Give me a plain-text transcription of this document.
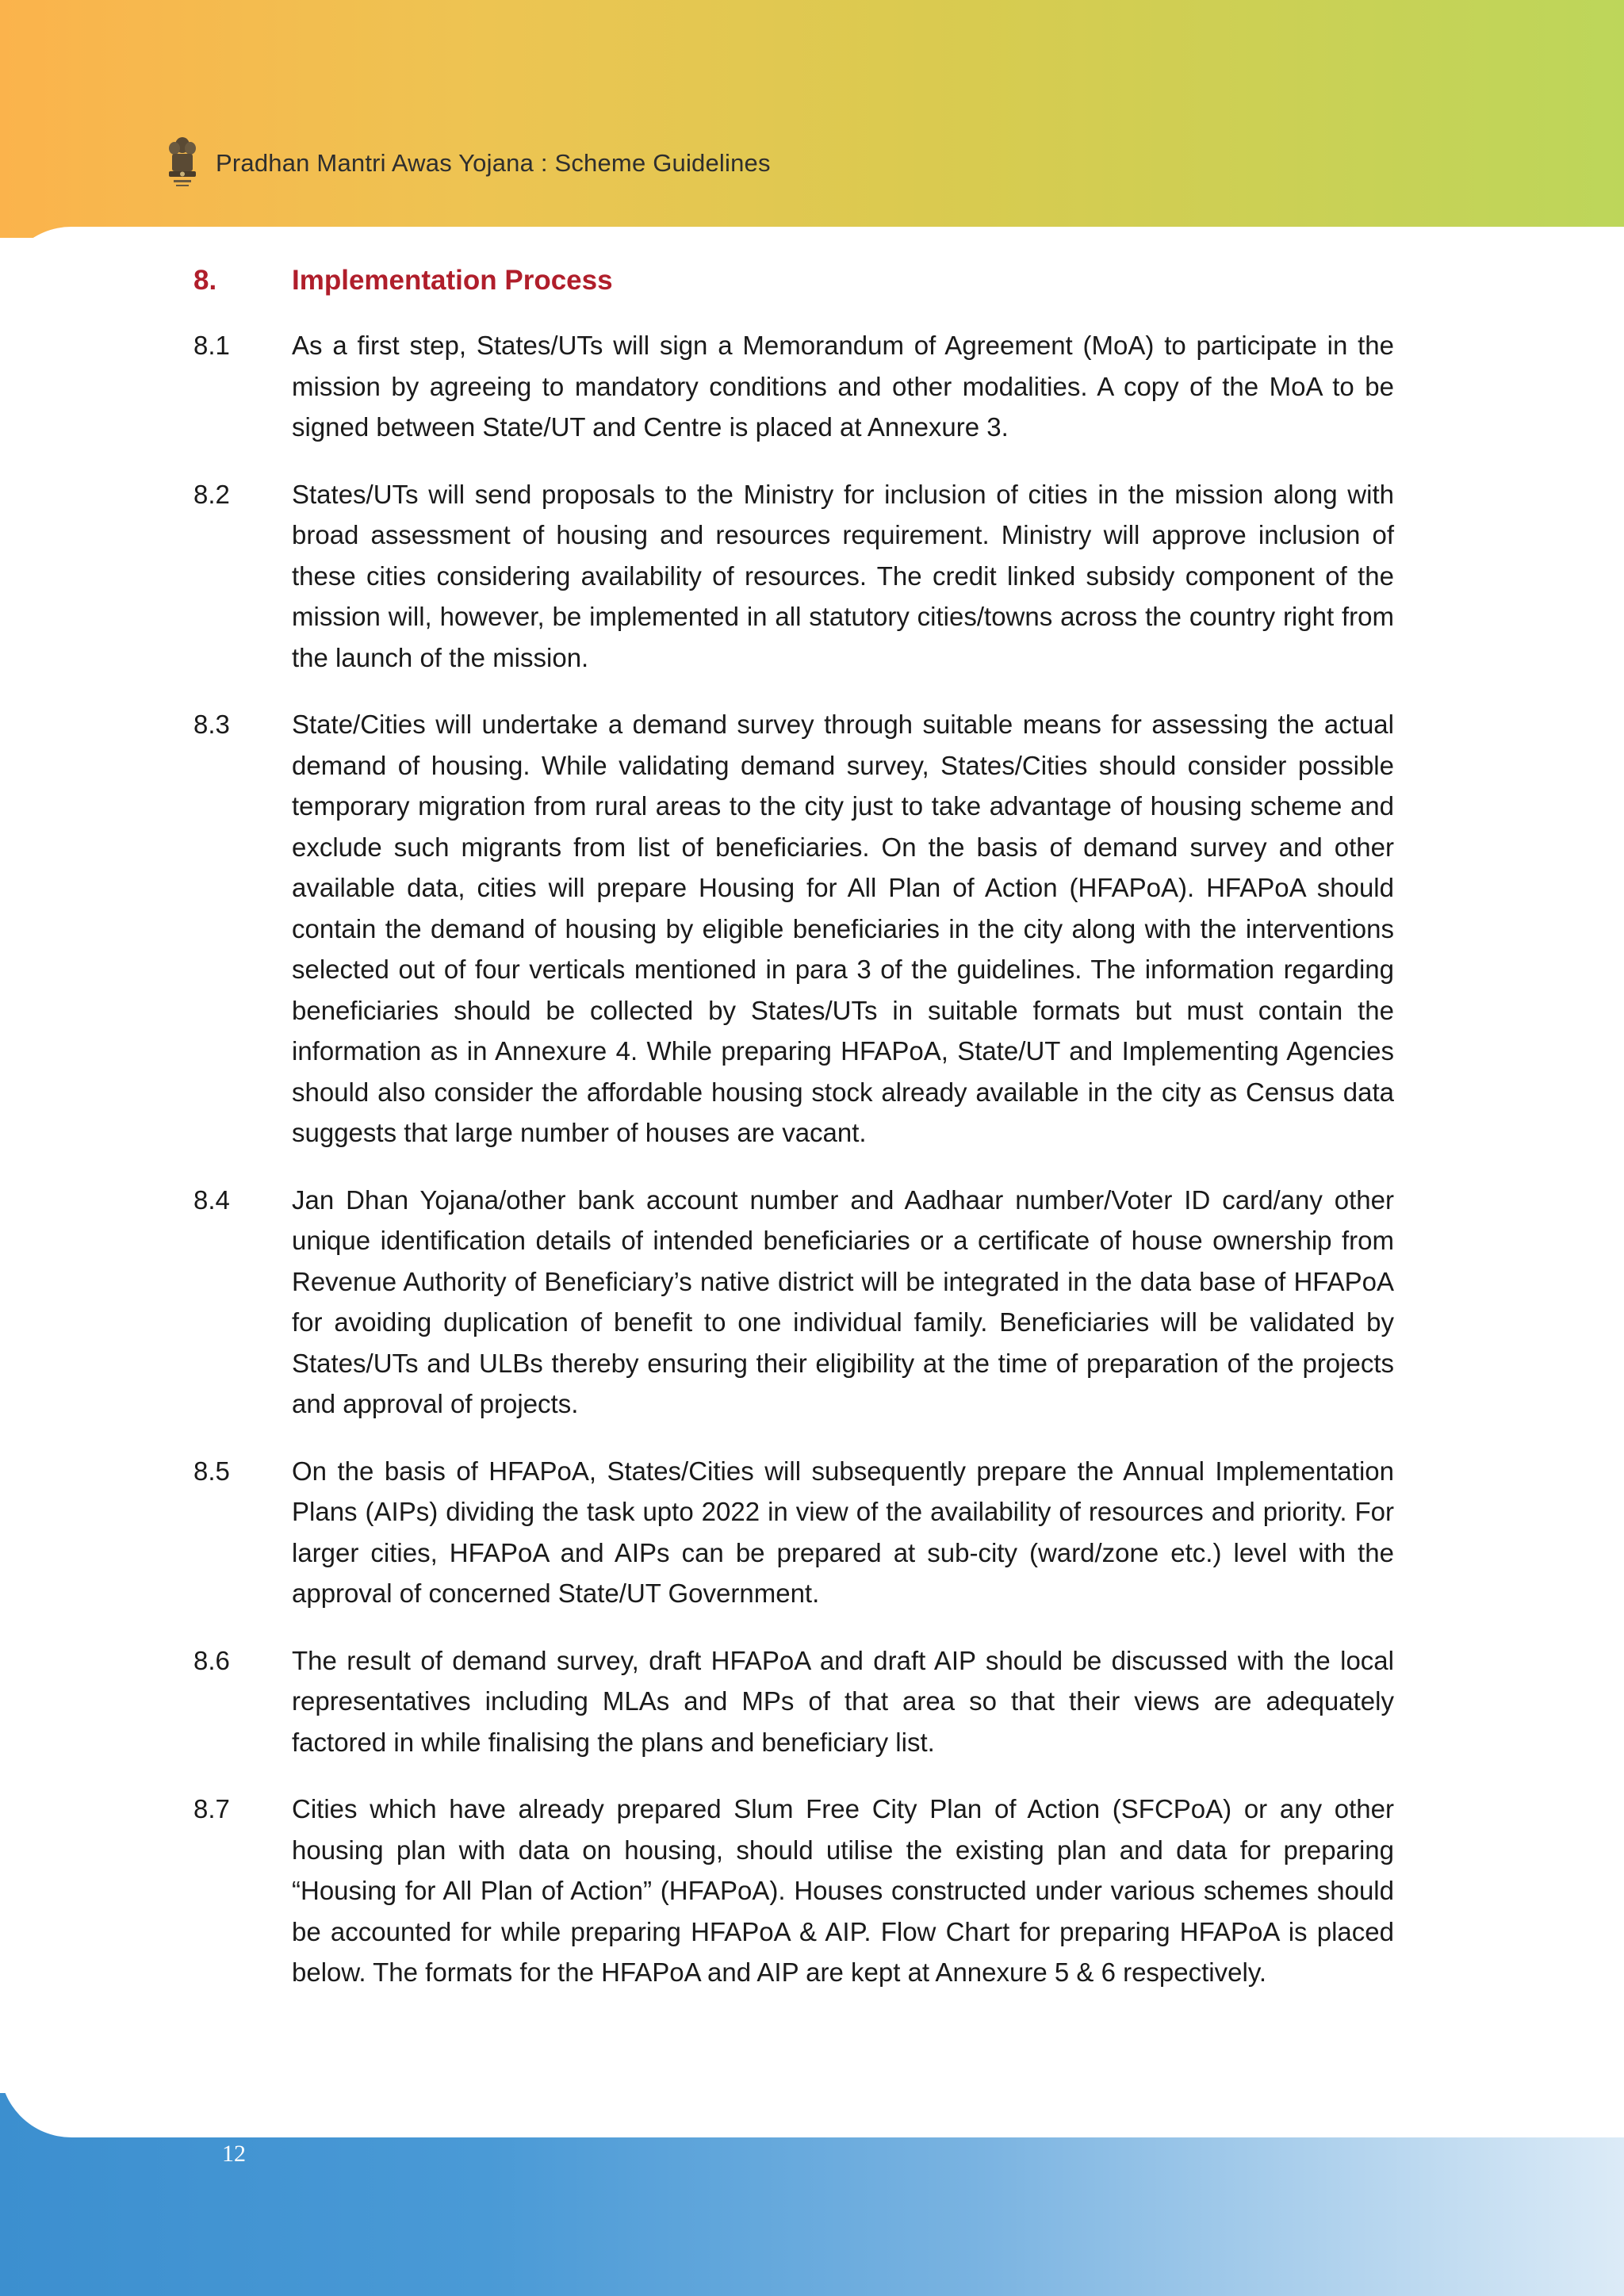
Pradhan Mantri Awas Yojana : Scheme Guidelines
8.	Implementation Process
8.1	As a first step, States/UTs will sign a Memorandum of Agreement (MoA) to participate in the mission by agreeing to mandatory conditions and other modalities. A copy of the MoA to be signed between State/UT and Centre is placed at Annexure 3.
8.2	States/UTs will send proposals to the Ministry for inclusion of cities in the mission along with broad assessment of housing and resources requirement. Ministry will approve inclusion of these cities considering availability of resources. The credit linked subsidy component of the mission will, however, be implemented in all statutory cities/towns across the country right from the launch of the mission.
8.3	State/Cities will undertake a demand survey through suitable means for assessing the actual demand of housing. While validating demand survey, States/Cities should consider possible temporary migration from rural areas to the city just to take advantage of housing scheme and exclude such migrants from list of beneficiaries. On the basis of demand survey and other available data, cities will prepare Housing for All Plan of Action (HFAPoA). HFAPoA should contain the demand of housing by eligible beneficiaries in the city along with the interventions selected out of four verticals mentioned in para 3 of the guidelines. The information regarding beneficiaries should be collected by States/UTs in suitable formats but must contain the information as in Annexure 4. While preparing HFAPoA, State/UT and Implementing Agencies should also consider the affordable housing stock already available in the city as Census data suggests that large number of houses are vacant.
8.4	Jan Dhan Yojana/other bank account number and Aadhaar number/Voter ID card/any other unique identification details of intended beneficiaries or a certificate of house ownership from Revenue Authority of Beneficiary’s native district will be integrated in the data base of HFAPoA for avoiding duplication of benefit to one individual family. Beneficiaries will be validated by States/UTs and ULBs thereby ensuring their eligibility at the time of preparation of the projects and approval of projects.
8.5	On the basis of HFAPoA, States/Cities will subsequently prepare the Annual Implementation Plans (AIPs) dividing the task upto 2022 in view of the availability of resources and priority. For larger cities, HFAPoA and AIPs can be prepared at sub-city (ward/zone etc.) level with the approval of concerned State/UT Government.
8.6	The result of demand survey, draft HFAPoA and draft AIP should be discussed with the local representatives including MLAs and MPs of that area so that their views are adequately factored in while finalising the plans and beneficiary list.
8.7	Cities which have already prepared Slum Free City Plan of Action (SFCPoA) or any other housing plan with data on housing, should utilise the existing plan and data for preparing “Housing for All Plan of Action” (HFAPoA). Houses constructed under various schemes should be accounted for while preparing HFAPoA & AIP. Flow Chart for preparing HFAPoA is placed below. The formats for the HFAPoA and AIP are kept at Annexure 5 & 6 respectively.
12
